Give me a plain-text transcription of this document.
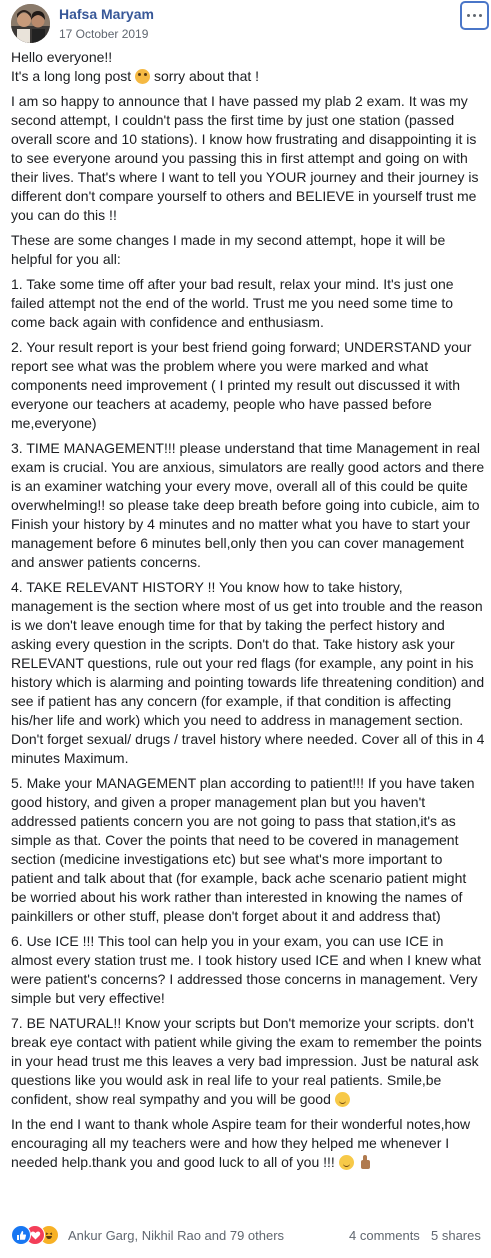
Hafsa Maryam
17 October 2019

Hello everyone!!
It's a long long post  sorry about that !

I am so happy to announce that I have passed my plab 2 exam. It was my second attempt, I couldn't pass the first time by just one station (passed overall score and 10 stations). I know how frustrating and disappointing it is to see everyone around you passing this in first attempt and going on with their lives. That's where I want to tell you YOUR journey and their journey is different don't compare yourself to others and BELIEVE in yourself trust me you can do this !!

These are some changes I made in my second attempt, hope it will be helpful for you all:

1. Take some time off after your bad result, relax your mind. It's just one failed attempt not the end of the world. Trust me you need some time to come back again with confidence and enthusiasm.

2. Your result report is your best friend going forward; UNDERSTAND your report see what was the problem where you were marked and what components need improvement ( I printed my result out discussed it with everyone our teachers at academy, people who have passed before me,everyone)

3. TIME MANAGEMENT!!! please understand that time Management in real exam is crucial. You are anxious, simulators are really good actors and there is an examiner watching your every move, overall all of this could be quite overwhelming!! so please take deep breath before going into cubicle, aim to Finish your history by 4 minutes and no matter what you have to start your management before 6 minutes bell,only then you can cover management and answer patients concerns.

4. TAKE RELEVANT HISTORY !! You know how to take history, management is the section where most of us get into trouble and the reason is we don't leave enough time for that by taking the perfect history and asking every question in the scripts. Don't do that. Take history ask your RELEVANT questions, rule out your red flags (for example, any point in his history which is alarming and pointing towards life threatening condition) and see if patient has any concern (for example, if that condition is affecting his/her life and work) which you need to address in management section. Don't forget sexual/ drugs / travel history where needed. Cover all of this in 4 minutes Maximum.

5. Make your MANAGEMENT plan according to patient!!! If you have taken good history, and given a proper management plan but you haven't addressed patients concern you are not going to pass that station,it's as simple as that. Cover the points that need to be covered in management section (medicine investigations etc) but see what's more important to patient and talk about that (for example, back ache scenario patient might be worried about his work rather than interested in knowing the names of painkillers or other stuff, please don't forget about it and address that)

6. Use ICE !!! This tool can help you in your exam, you can use ICE in almost every station trust me. I took history used ICE and when I knew what were patient's concerns? I addressed those concerns in management. Very simple but very effective!

7. BE NATURAL!! Know your scripts but Don't memorize your scripts. don't break eye contact with patient while giving the exam to remember the points in your head trust me this leaves a very bad impression. Just be natural ask questions like you would ask in real life to your real patients. Smile,be confident, show real sympathy and you will be good

In the end I want to thank whole Aspire team for their wonderful notes,how encouraging all my teachers were and how they helped me whenever I needed help.thank you and good luck to all of you !!!

Ankur Garg, Nikhil Rao and 79 others	4 comments 5 shares
